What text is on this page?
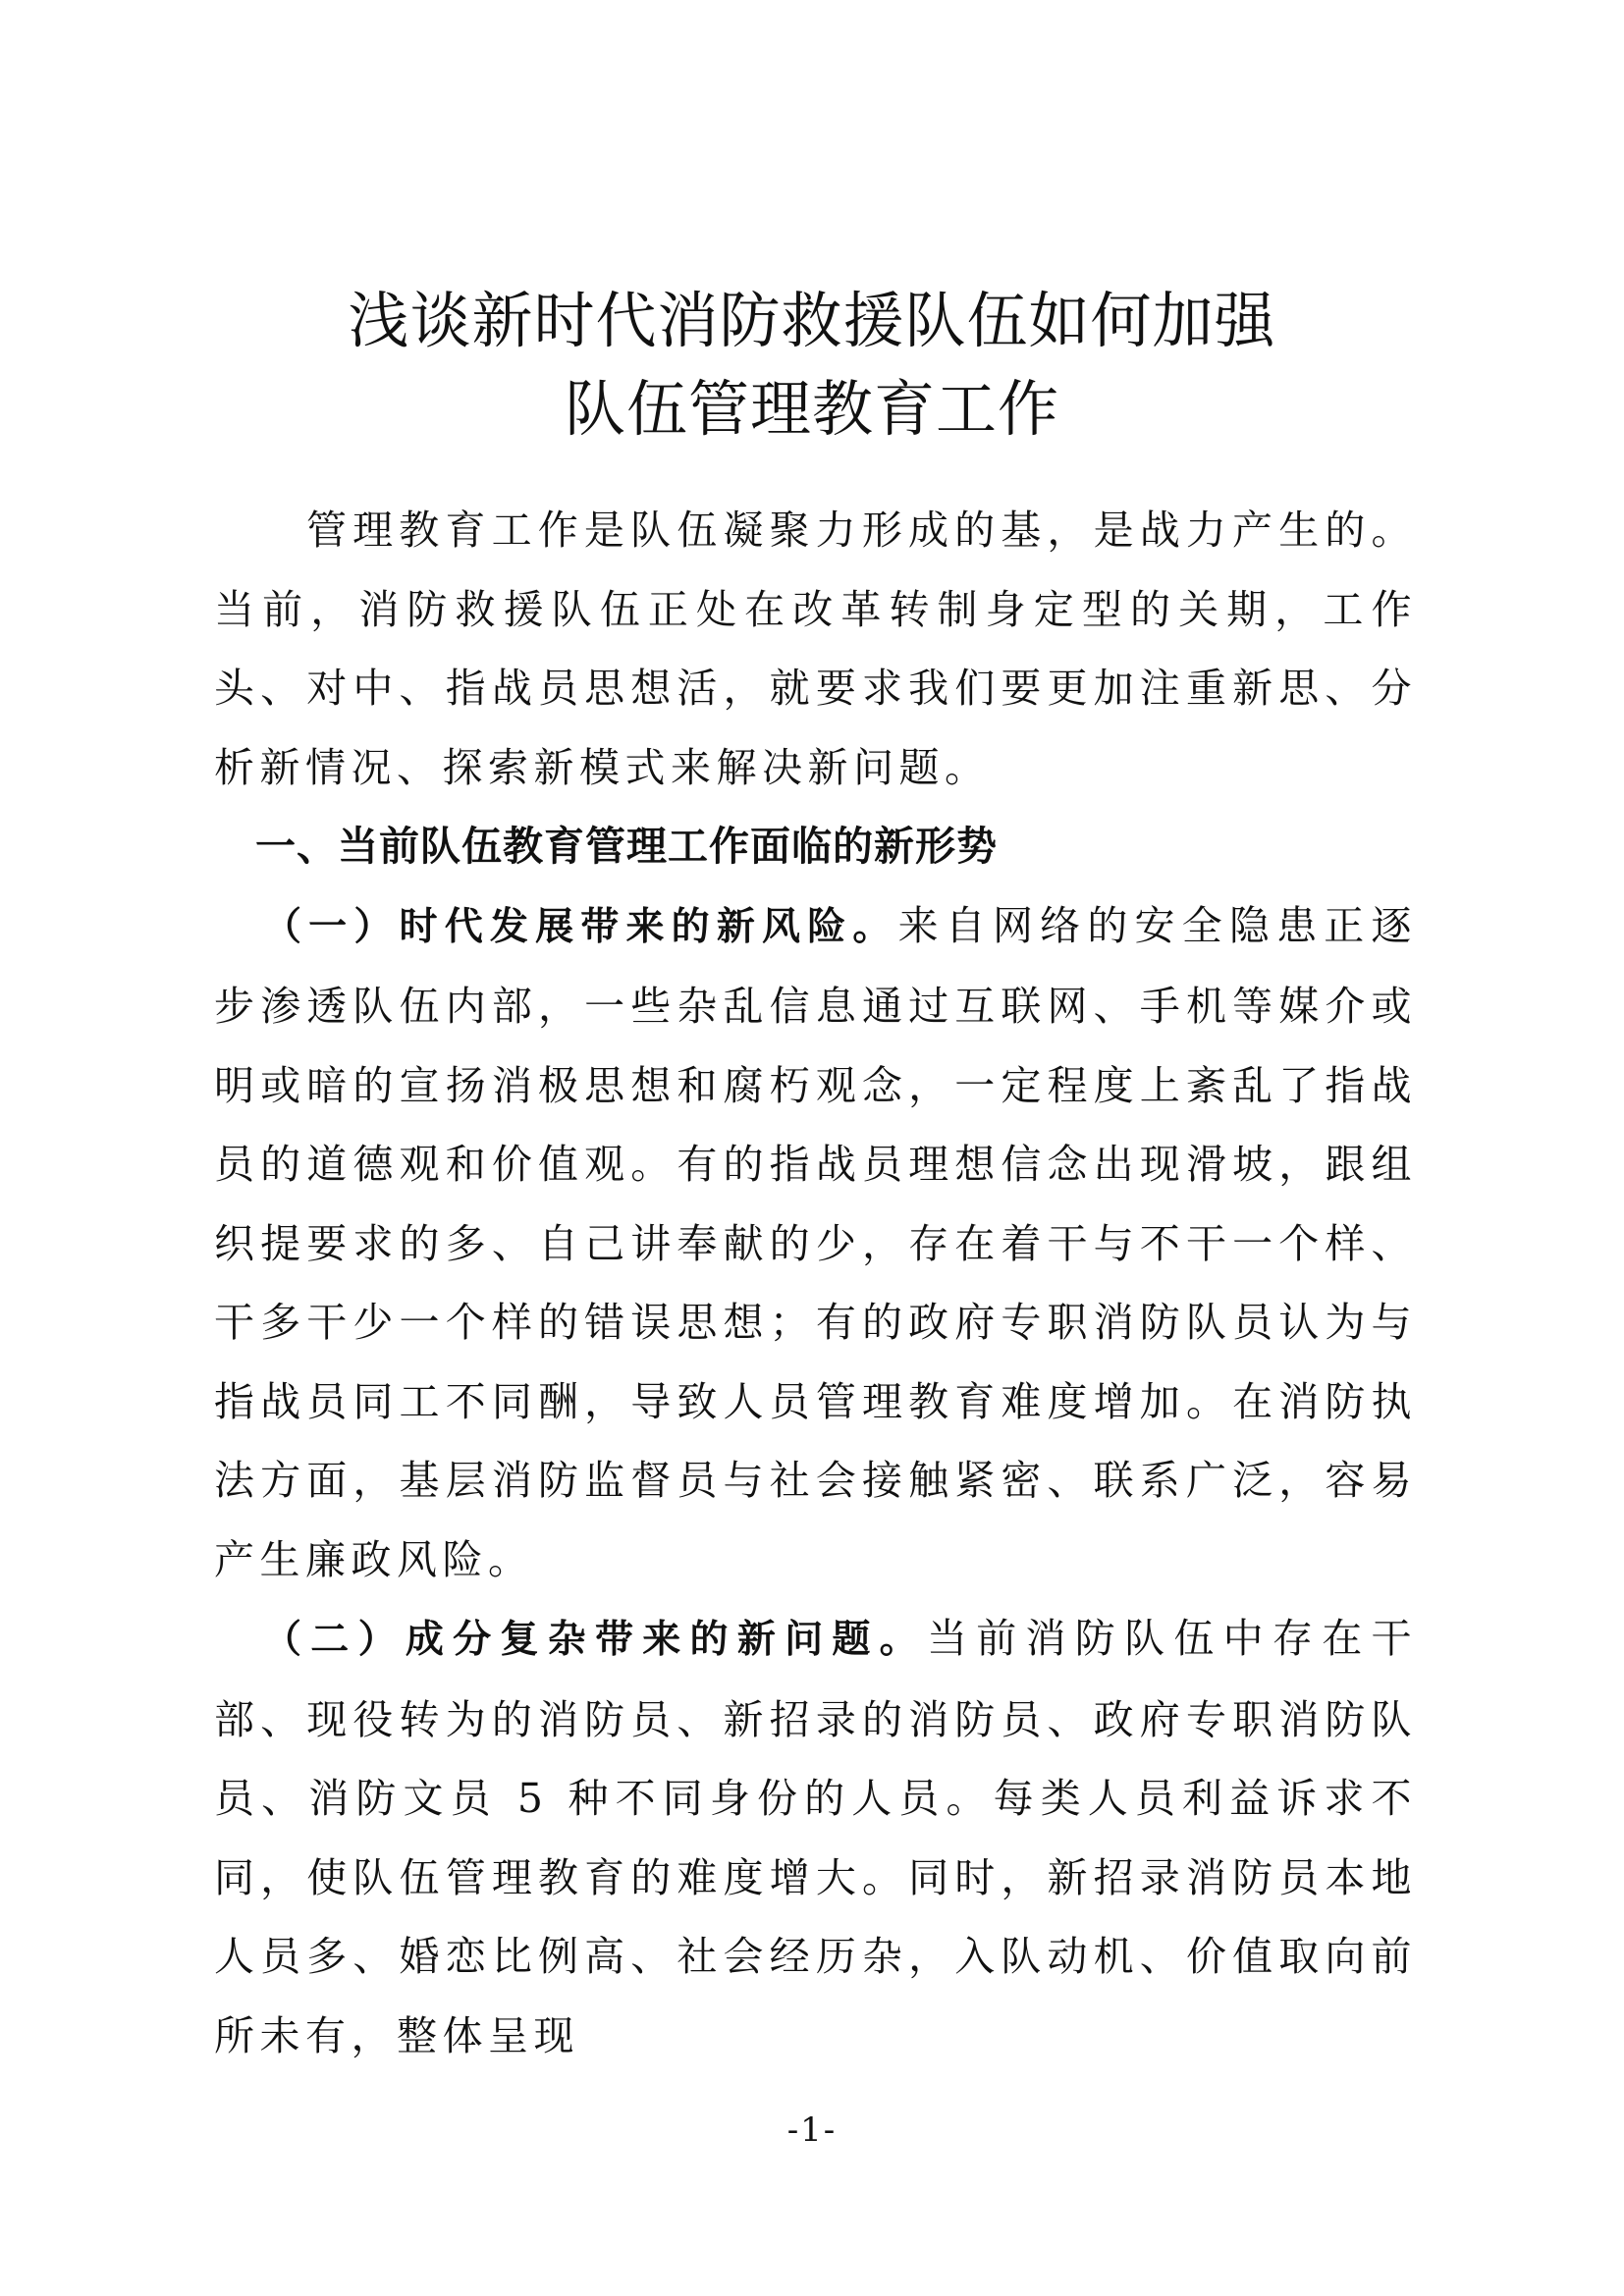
浅谈新时代消防救援队伍如何加强
队伍管理教育工作

管理教育工作是队伍凝聚力形成的基，是战力产生的。当前，消防救援队伍正处在改革转制身定型的关期，工作头、对中、指战员思想活，就要求我们要更加注重新思、分析新情况、探索新模式来解决新问题。

一、当前队伍教育管理工作面临的新形势

（一）时代发展带来的新风险。来自网络的安全隐患正逐步渗透队伍内部，一些杂乱信息通过互联网、手机等媒介或明或暗的宣扬消极思想和腐朽观念，一定程度上紊乱了指战员的道德观和价值观。有的指战员理想信念出现滑坡，跟组织提要求的多、自己讲奉献的少，存在着干与不干一个样、干多干少一个样的错误思想；有的政府专职消防队员认为与指战员同工不同酬，导致人员管理教育难度增加。在消防执法方面，基层消防监督员与社会接触紧密、联系广泛，容易产生廉政风险。

（二）成分复杂带来的新问题。当前消防队伍中存在干部、现役转为的消防员、新招录的消防员、政府专职消防队员、消防文员 5 种不同身份的人员。每类人员利益诉求不同，使队伍管理教育的难度增大。同时，新招录消防员本地人员多、婚恋比例高、社会经历杂，入队动机、价值取向前所未有，整体呈现

-1-
